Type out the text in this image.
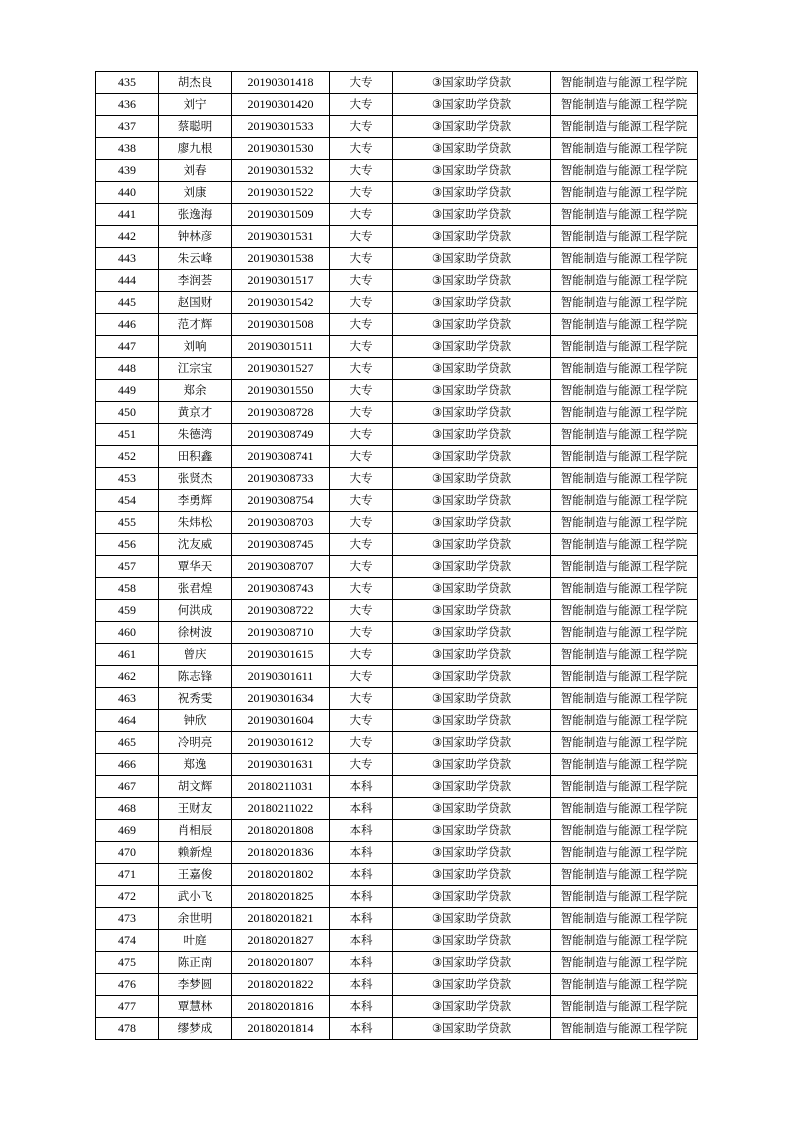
435	胡杰良	20190301418	大专	③国家助学贷款	智能制造与能源工程学院
436	刘宁	20190301420	大专	③国家助学贷款	智能制造与能源工程学院
437	蔡聪明	20190301533	大专	③国家助学贷款	智能制造与能源工程学院
438	廖九根	20190301530	大专	③国家助学贷款	智能制造与能源工程学院
439	刘春	20190301532	大专	③国家助学贷款	智能制造与能源工程学院
440	刘康	20190301522	大专	③国家助学贷款	智能制造与能源工程学院
441	张逸海	20190301509	大专	③国家助学贷款	智能制造与能源工程学院
442	钟林彦	20190301531	大专	③国家助学贷款	智能制造与能源工程学院
443	朱云峰	20190301538	大专	③国家助学贷款	智能制造与能源工程学院
444	李润荟	20190301517	大专	③国家助学贷款	智能制造与能源工程学院
445	赵国财	20190301542	大专	③国家助学贷款	智能制造与能源工程学院
446	范才辉	20190301508	大专	③国家助学贷款	智能制造与能源工程学院
447	刘响	20190301511	大专	③国家助学贷款	智能制造与能源工程学院
448	江宗宝	20190301527	大专	③国家助学贷款	智能制造与能源工程学院
449	郑余	20190301550	大专	③国家助学贷款	智能制造与能源工程学院
450	黄京才	20190308728	大专	③国家助学贷款	智能制造与能源工程学院
451	朱德湾	20190308749	大专	③国家助学贷款	智能制造与能源工程学院
452	田积鑫	20190308741	大专	③国家助学贷款	智能制造与能源工程学院
453	张贤杰	20190308733	大专	③国家助学贷款	智能制造与能源工程学院
454	李勇辉	20190308754	大专	③国家助学贷款	智能制造与能源工程学院
455	朱炜松	20190308703	大专	③国家助学贷款	智能制造与能源工程学院
456	沈友威	20190308745	大专	③国家助学贷款	智能制造与能源工程学院
457	覃华天	20190308707	大专	③国家助学贷款	智能制造与能源工程学院
458	张君煌	20190308743	大专	③国家助学贷款	智能制造与能源工程学院
459	何洪成	20190308722	大专	③国家助学贷款	智能制造与能源工程学院
460	徐树波	20190308710	大专	③国家助学贷款	智能制造与能源工程学院
461	曾庆	20190301615	大专	③国家助学贷款	智能制造与能源工程学院
462	陈志锋	20190301611	大专	③国家助学贷款	智能制造与能源工程学院
463	祝秀雯	20190301634	大专	③国家助学贷款	智能制造与能源工程学院
464	钟欣	20190301604	大专	③国家助学贷款	智能制造与能源工程学院
465	冷明亮	20190301612	大专	③国家助学贷款	智能制造与能源工程学院
466	郑逸	20190301631	大专	③国家助学贷款	智能制造与能源工程学院
467	胡文辉	20180211031	本科	③国家助学贷款	智能制造与能源工程学院
468	王财友	20180211022	本科	③国家助学贷款	智能制造与能源工程学院
469	肖相辰	20180201808	本科	③国家助学贷款	智能制造与能源工程学院
470	赖新煌	20180201836	本科	③国家助学贷款	智能制造与能源工程学院
471	王嘉俊	20180201802	本科	③国家助学贷款	智能制造与能源工程学院
472	武小飞	20180201825	本科	③国家助学贷款	智能制造与能源工程学院
473	余世明	20180201821	本科	③国家助学贷款	智能制造与能源工程学院
474	叶庭	20180201827	本科	③国家助学贷款	智能制造与能源工程学院
475	陈正南	20180201807	本科	③国家助学贷款	智能制造与能源工程学院
476	李梦圆	20180201822	本科	③国家助学贷款	智能制造与能源工程学院
477	覃慧林	20180201816	本科	③国家助学贷款	智能制造与能源工程学院
478	缪梦成	20180201814	本科	③国家助学贷款	智能制造与能源工程学院
